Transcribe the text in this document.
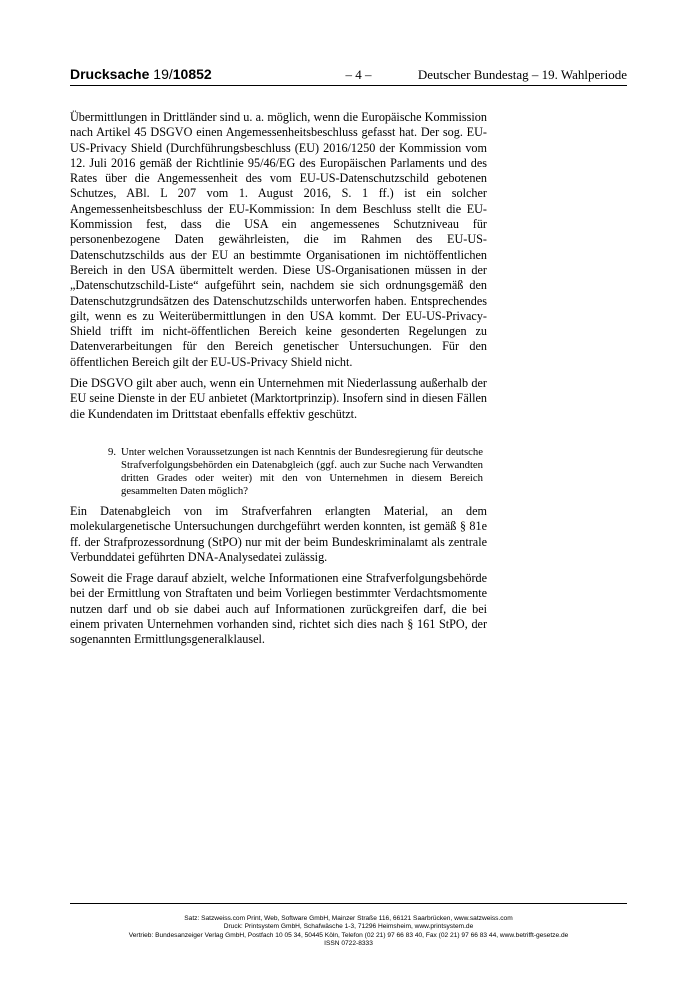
Drucksache 19/10852	– 4 –	Deutscher Bundestag – 19. Wahlperiode

Übermittlungen in Drittländer sind u. a. möglich, wenn die Europäische Kommission nach Artikel 45 DSGVO einen Angemessenheitsbeschluss gefasst hat. Der sog. EU-US-Privacy Shield (Durchführungsbeschluss (EU) 2016/1250 der Kommission vom 12. Juli 2016 gemäß der Richtlinie 95/46/EG des Europäischen Parlaments und des Rates über die Angemessenheit des vom EU-US-Datenschutzschild gebotenen Schutzes, ABl. L 207 vom 1. August 2016, S. 1 ff.) ist ein solcher Angemessenheitsbeschluss der EU-Kommission: In dem Beschluss stellt die EU-Kommission fest, dass die USA ein angemessenes Schutzniveau für personenbezogene Daten gewährleisten, die im Rahmen des EU-US-Datenschutzschilds aus der EU an bestimmte Organisationen im nichtöffentlichen Bereich in den USA übermittelt werden. Diese US-Organisationen müssen in der „Datenschutzschild-Liste“ aufgeführt sein, nachdem sie sich ordnungsgemäß den Datenschutzgrundsätzen des Datenschutzschilds unterworfen haben. Entsprechendes gilt, wenn es zu Weiterübermittlungen in den USA kommt. Der EU-US-Privacy-Shield trifft im nicht-öffentlichen Bereich keine gesonderten Regelungen zu Datenverarbeitungen für den Bereich genetischer Untersuchungen. Für den öffentlichen Bereich gilt der EU-US-Privacy Shield nicht.

Die DSGVO gilt aber auch, wenn ein Unternehmen mit Niederlassung außerhalb der EU seine Dienste in der EU anbietet (Marktortprinzip). Insofern sind in diesen Fällen die Kundendaten im Drittstaat ebenfalls effektiv geschützt.

9. Unter welchen Voraussetzungen ist nach Kenntnis der Bundesregierung für deutsche Strafverfolgungsbehörden ein Datenabgleich (ggf. auch zur Suche nach Verwandten dritten Grades oder weiter) mit den von Unternehmen in diesem Bereich gesammelten Daten möglich?

Ein Datenabgleich von im Strafverfahren erlangten Material, an dem molekulargenetische Untersuchungen durchgeführt werden konnten, ist gemäß § 81e ff. der Strafprozessordnung (StPO) nur mit der beim Bundeskriminalamt als zentrale Verbunddatei geführten DNA-Analysedatei zulässig.

Soweit die Frage darauf abzielt, welche Informationen eine Strafverfolgungsbehörde bei der Ermittlung von Straftaten und beim Vorliegen bestimmter Verdachtsmomente nutzen darf und ob sie dabei auch auf Informationen zurückgreifen darf, die bei einem privaten Unternehmen vorhanden sind, richtet sich dies nach § 161 StPO, der sogenannten Ermittlungsgeneralklausel.

Satz: Satzweiss.com Print, Web, Software GmbH, Mainzer Straße 116, 66121 Saarbrücken, www.satzweiss.com
Druck: Printsystem GmbH, Schafwäsche 1-3, 71296 Heimsheim, www.printsystem.de
Vertrieb: Bundesanzeiger Verlag GmbH, Postfach 10 05 34, 50445 Köln, Telefon (02 21) 97 66 83 40, Fax (02 21) 97 66 83 44, www.betrifft-gesetze.de
ISSN 0722-8333
